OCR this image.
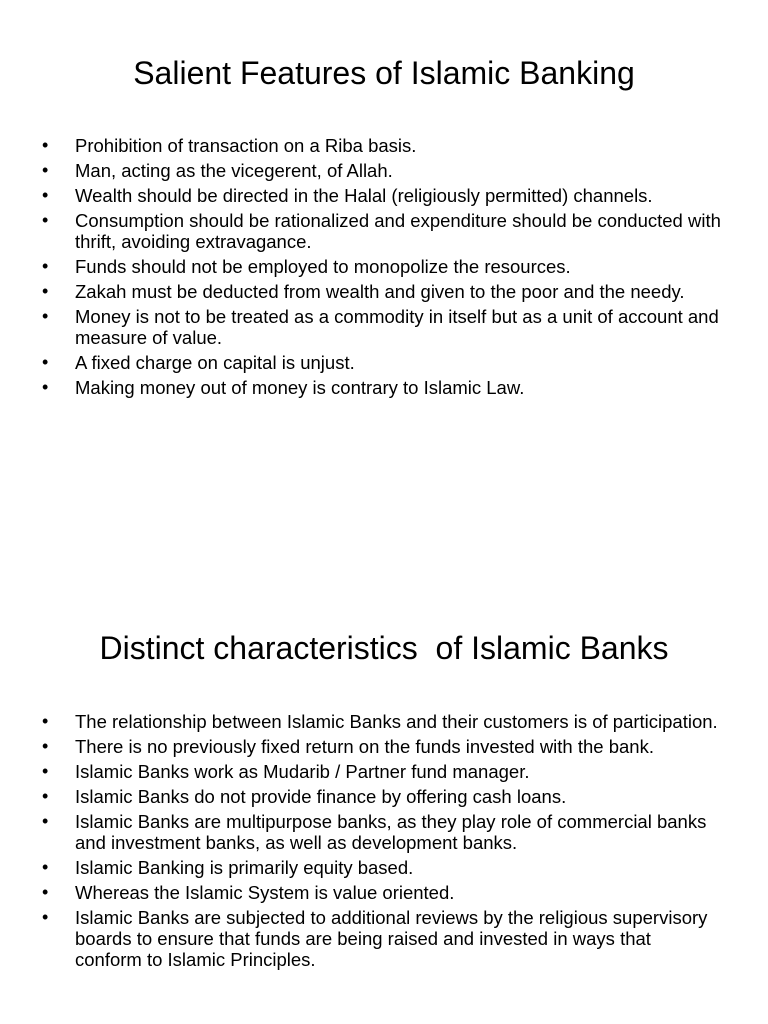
Salient Features of Islamic Banking
• Prohibition of transaction on a Riba basis.
• Man, acting as the vicegerent, of Allah.
• Wealth should be directed in the Halal (religiously permitted) channels.
• Consumption should be rationalized and expenditure should be conducted with thrift, avoiding extravagance.
• Funds should not be employed to monopolize the resources.
• Zakah must be deducted from wealth and given to the poor and the needy.
• Money is not to be treated as a commodity in itself but as a unit of account and measure of value.
• A fixed charge on capital is unjust.
• Making money out of money is contrary to Islamic Law.
Distinct characteristics  of Islamic Banks
• The relationship between Islamic Banks and their customers is of participation.
• There is no previously fixed return on the funds invested with the bank.
• Islamic Banks work as Mudarib / Partner fund manager.
• Islamic Banks do not provide finance by offering cash loans.
• Islamic Banks are multipurpose banks, as they play role of commercial banks and investment banks, as well as development banks.
• Islamic Banking is primarily equity based.
• Whereas the Islamic System is value oriented.
• Islamic Banks are subjected to additional reviews by the religious supervisory boards to ensure that funds are being raised and invested in ways that conform to Islamic Principles.
